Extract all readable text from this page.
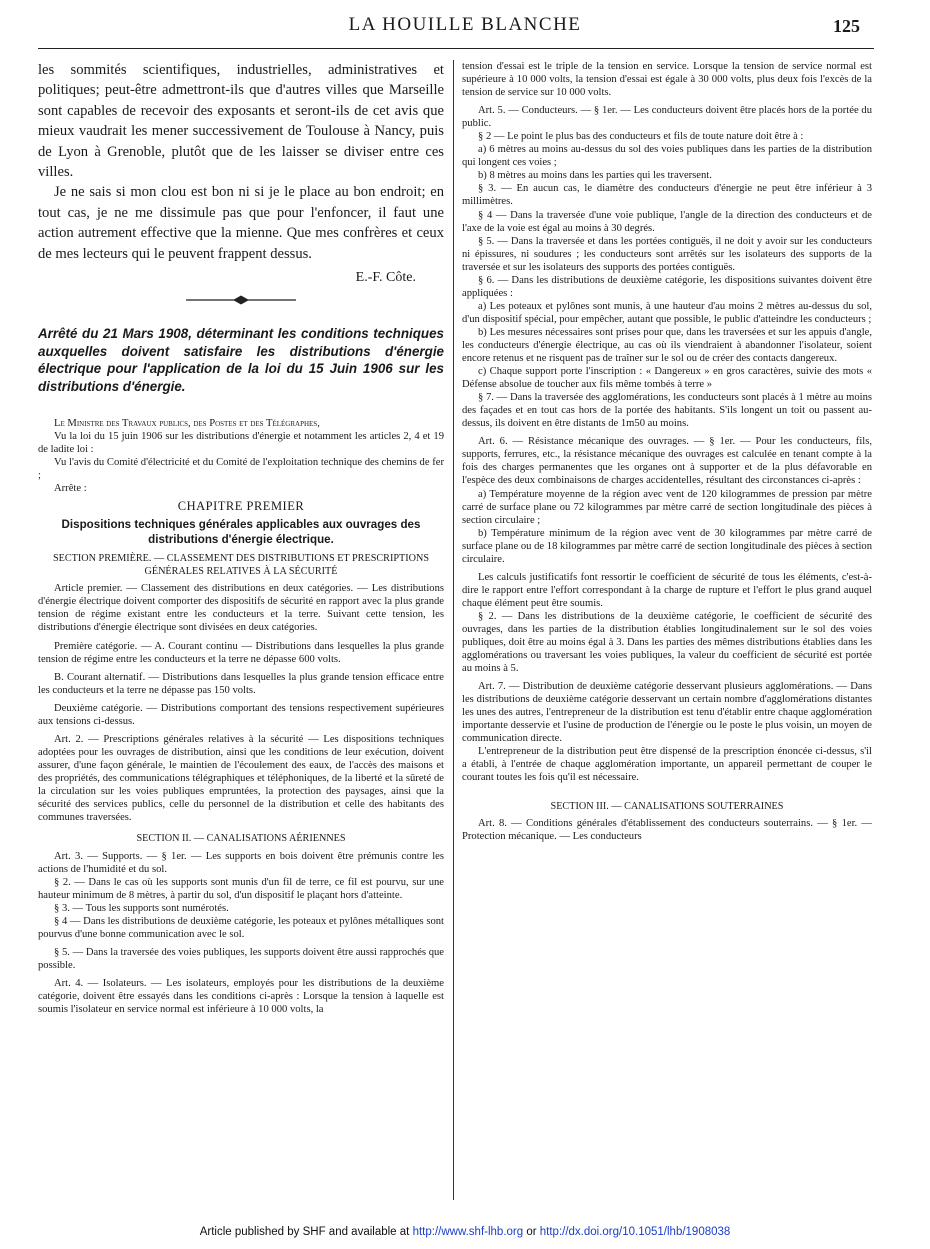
LA HOUILLE BLANCHE	125

les sommités scientifiques, industrielles, administratives et politiques; peut-être admettront-ils que d'autres villes que Marseille sont capables de recevoir des exposants et seront-ils de cet avis que mieux vaudrait les mener successivement de Toulouse à Nancy, puis de Lyon à Grenoble, plutôt que de les laisser se diviser entre ces villes.

Je ne sais si mon clou est bon ni si je le place au bon endroit; en tout cas, je ne me dissimule pas que pour l'enfoncer, il faut une action autrement effective que la mienne. Que mes confrères et ceux de mes lecteurs qui le peuvent frappent dessus.

E.-F. Côte.

Arrêté du 21 Mars 1908, déterminant les conditions techniques auxquelles doivent satisfaire les distributions d'énergie électrique pour l'application de la loi du 15 Juin 1906 sur les distributions d'énergie.

Le Ministre des Travaux publics, des Postes et des Télégraphes,

Vu la loi du 15 juin 1906 sur les distributions d'énergie et notamment les articles 2, 4 et 19 de ladite loi :

Vu l'avis du Comité d'électricité et du Comité de l'exploitation technique des chemins de fer ;

Arrête :

CHAPITRE PREMIER
Dispositions techniques générales applicables aux ouvrages des distributions d'énergie électrique.
SECTION PREMIÈRE. — CLASSEMENT DES DISTRIBUTIONS ET PRESCRIPTIONS GÉNÉRALES RELATIVES À LA SÉCURITÉ

Article premier. — Classement des distributions en deux catégories. — Les distributions d'énergie électrique doivent comporter des dispositifs de sécurité en rapport avec la plus grande tension de régime existant entre les conducteurs et la terre. Suivant cette tension, les distributions d'énergie électrique sont divisées en deux catégories.

Première catégorie. — A. Courant continu — Distributions dans lesquelles la plus grande tension de régime entre les conducteurs et la terre ne dépasse 600 volts.

B. Courant alternatif. — Distributions dans lesquelles la plus grande tension efficace entre les conducteurs et la terre ne dépasse pas 150 volts.

Deuxième catégorie. — Distributions comportant des tensions respectivement supérieures aux tensions ci-dessus.

Art. 2. — Prescriptions générales relatives à la sécurité — Les dispositions techniques adoptées pour les ouvrages de distribution, ainsi que les conditions de leur exécution, doivent assurer, d'une façon générale, le maintien de l'écoulement des eaux, de l'accès des maisons et des propriétés, des communications télégraphiques et téléphoniques, de la liberté et la sûreté de la circulation sur les voies publiques empruntées, la protection des paysages, ainsi que la sécurité des services publics, celle du personnel de la distribution et celle des habitants des communes traversées.

SECTION II. — CANALISATIONS AÉRIENNES

Art. 3. — Supports. — § 1er. — Les supports en bois doivent être prémunis contre les actions de l'humidité et du sol.

§ 2. — Dans le cas où les supports sont munis d'un fil de terre, ce fil est pourvu, sur une hauteur minimum de 8 mètres, à partir du sol, d'un dispositif le plaçant hors d'atteinte.

§ 3. — Tous les supports sont numérotés.

§ 4 — Dans les distributions de deuxième catégorie, les poteaux et pylônes métalliques sont pourvus d'une bonne communication avec le sol.

§ 5. — Dans la traversée des voies publiques, les supports doivent être aussi rapprochés que possible.

Art. 4. — Isolateurs. — Les isolateurs, employés pour les distributions de la deuxième catégorie, doivent être essayés dans les conditions ci-après : Lorsque la tension à laquelle est soumis l'isolateur en service normal est inférieure à 10 000 volts, la

tension d'essai est le triple de la tension en service. Lorsque la tension de service normal est supérieure à 10 000 volts, la tension d'essai est égale à 30 000 volts, plus deux fois l'excès de la tension de service sur 10 000 volts.

Art. 5. — Conducteurs. — § 1er. — Les conducteurs doivent être placés hors de la portée du public.

§ 2 — Le point le plus bas des conducteurs et fils de toute nature doit être à :

a) 6 mètres au moins au-dessus du sol des voies publiques dans les parties de la distribution qui longent ces voies ;

b) 8 mètres au moins dans les parties qui les traversent.

§ 3. — En aucun cas, le diamètre des conducteurs d'énergie ne peut être inférieur à 3 millimètres.

§ 4 — Dans la traversée d'une voie publique, l'angle de la direction des conducteurs et de l'axe de la voie est égal au moins à 30 degrés.

§ 5. — Dans la traversée et dans les portées contiguës, il ne doit y avoir sur les conducteurs ni épissures, ni soudures ; les conducteurs sont arrêtés sur les isolateurs des supports de la traversée et sur les isolateurs des supports des portées contiguës.

§ 6. — Dans les distributions de deuxième catégorie, les dispositions suivantes doivent être appliquées :

a) Les poteaux et pylônes sont munis, à une hauteur d'au moins 2 mètres au-dessus du sol, d'un dispositif spécial, pour empêcher, autant que possible, le public d'atteindre les conducteurs ;

b) Les mesures nécessaires sont prises pour que, dans les traversées et sur les appuis d'angle, les conducteurs d'énergie électrique, au cas où ils viendraient à abandonner l'isolateur, soient encore retenus et ne risquent pas de traîner sur le sol ou de créer des contacts dangereux.

c) Chaque support porte l'inscription : « Dangereux » en gros caractères, suivie des mots « Défense absolue de toucher aux fils même tombés à terre »

§ 7. — Dans la traversée des agglomérations, les conducteurs sont placés à 1 mètre au moins des façades et en tout cas hors de la portée des habitants. S'ils longent un toit ou passent au-dessus, ils doivent en être distants de 1m50 au moins.

Art. 6. — Résistance mécanique des ouvrages. — § 1er. — Pour les conducteurs, fils, supports, ferrures, etc., la résistance mécanique des ouvrages est calculée en tenant compte à la fois des charges permanentes que les organes ont à supporter et de la plus défavorable en l'espèce des deux combinaisons de charges accidentelles, résultant des circonstances ci-après :

a) Température moyenne de la région avec vent de 120 kilogrammes de pression par mètre carré de surface plane ou 72 kilogrammes par mètre carré de section longitudinale des pièces à section circulaire ;

b) Température minimum de la région avec vent de 30 kilogrammes par mètre carré de surface plane ou de 18 kilogrammes par mètre carré de section longitudinale des pièces à section circulaire.

Les calculs justificatifs font ressortir le coefficient de sécurité de tous les éléments, c'est-à-dire le rapport entre l'effort correspondant à la charge de rupture et l'effort le plus grand auquel chaque élément peut être soumis.

§ 2. — Dans les distributions de la deuxième catégorie, le coefficient de sécurité des ouvrages, dans les parties de la distribution établies longitudinalement sur le sol des voies publiques, doit être au moins égal à 3. Dans les parties des mêmes distributions établies dans les agglomérations ou traversant les voies publiques, la valeur du coefficient de sécurité est portée au moins à 5.

Art. 7. — Distribution de deuxième catégorie desservant plusieurs agglomérations. — Dans les distributions de deuxième catégorie desservant un certain nombre d'agglomérations distantes les unes des autres, l'entrepreneur de la distribution est tenu d'établir entre chaque agglomération importante desservie et l'usine de production de l'énergie ou le poste le plus voisin, un moyen de communication directe.

L'entrepreneur de la distribution peut être dispensé de la prescription énoncée ci-dessus, s'il a établi, à l'entrée de chaque agglomération importante, un appareil permettant de couper le courant toutes les fois qu'il est nécessaire.

SECTION III. — CANALISATIONS SOUTERRAINES

Art. 8. — Conditions générales d'établissement des conducteurs souterrains. — § 1er. — Protection mécanique. — Les conducteurs

Article published by SHF and available at http://www.shf-lhb.org or http://dx.doi.org/10.1051/lhb/1908038
